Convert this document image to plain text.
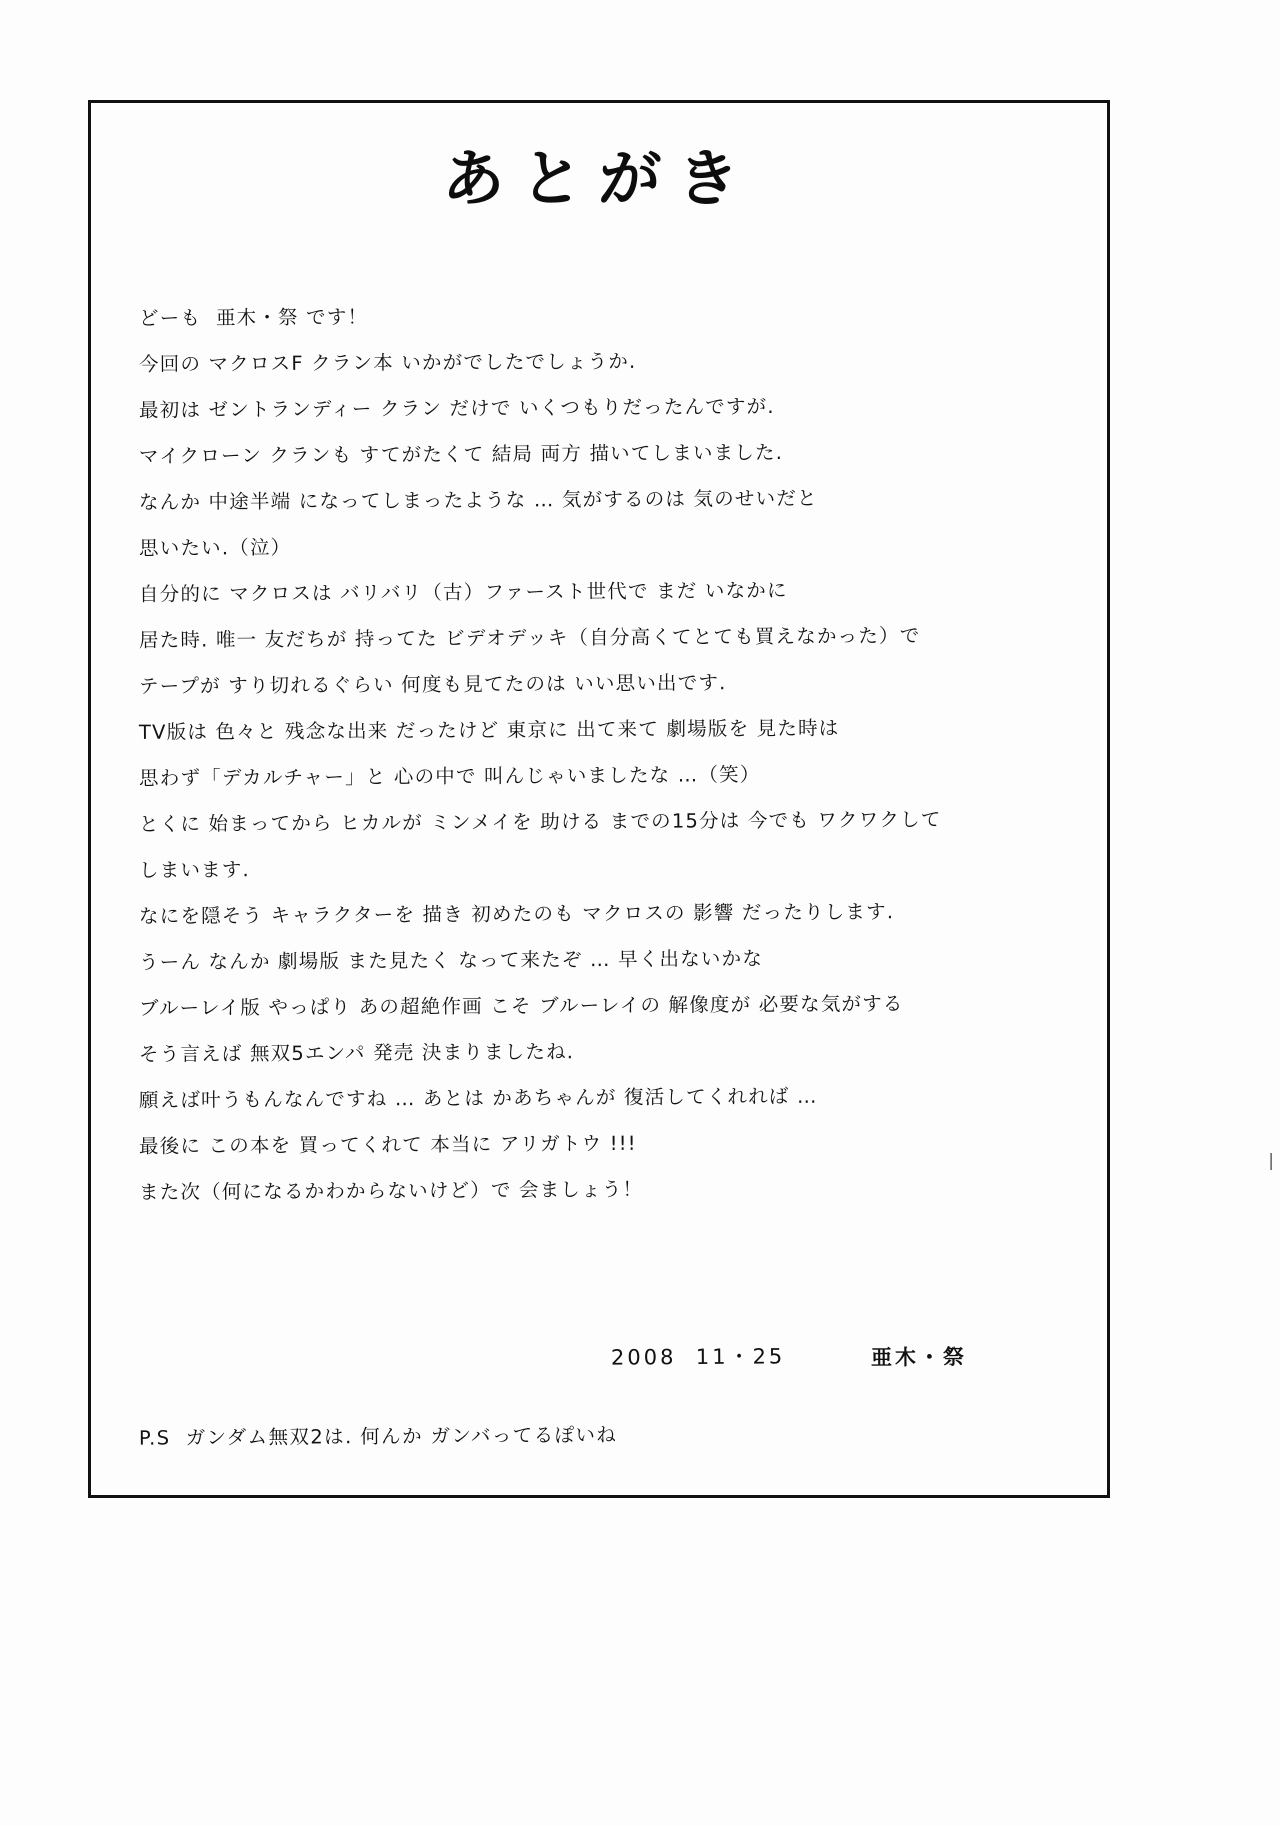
あとがき
どーも  亜木・祭 です！
今回の マクロスF クラン本 いかがでしたでしょうか.
最初は ゼントランディー クラン だけで いくつもりだったんですが.
マイクローン クランも すてがたくて 結局 両方 描いてしまいました.
なんか 中途半端 になってしまったような … 気がするのは 気のせいだと
思いたい.（泣）
自分的に マクロスは バリバリ（古）ファースト世代で まだ いなかに
居た時. 唯一 友だちが 持ってた ビデオデッキ（自分高くてとても買えなかった）で
テープが すり切れるぐらい 何度も見てたのは いい思い出です.
TV版は 色々と 残念な出来 だったけど 東京に 出て来て 劇場版を 見た時は
思わず「デカルチャー」と 心の中で 叫んじゃいましたな …（笑）
とくに 始まってから ヒカルが ミンメイを 助ける までの15分は 今でも ワクワクして
しまいます.
なにを隠そう キャラクターを 描き 初めたのも マクロスの 影響 だったりします.
うーん なんか 劇場版 また見たく なって来たぞ … 早く出ないかな
ブルーレイ版 やっぱり あの超絶作画 こそ ブルーレイの 解像度が 必要な気がする
そう言えば 無双5エンパ 発売 決まりましたね.
願えば叶うもんなんですね … あとは かあちゃんが 復活してくれれば …
最後に この本を 買ってくれて 本当に アリガトウ !!!
また次（何になるかわからないけど）で 会ましょう！
2008  11・25	亜木・祭
P.S  ガンダム無双2は. 何んか ガンバってるぽいね
|
